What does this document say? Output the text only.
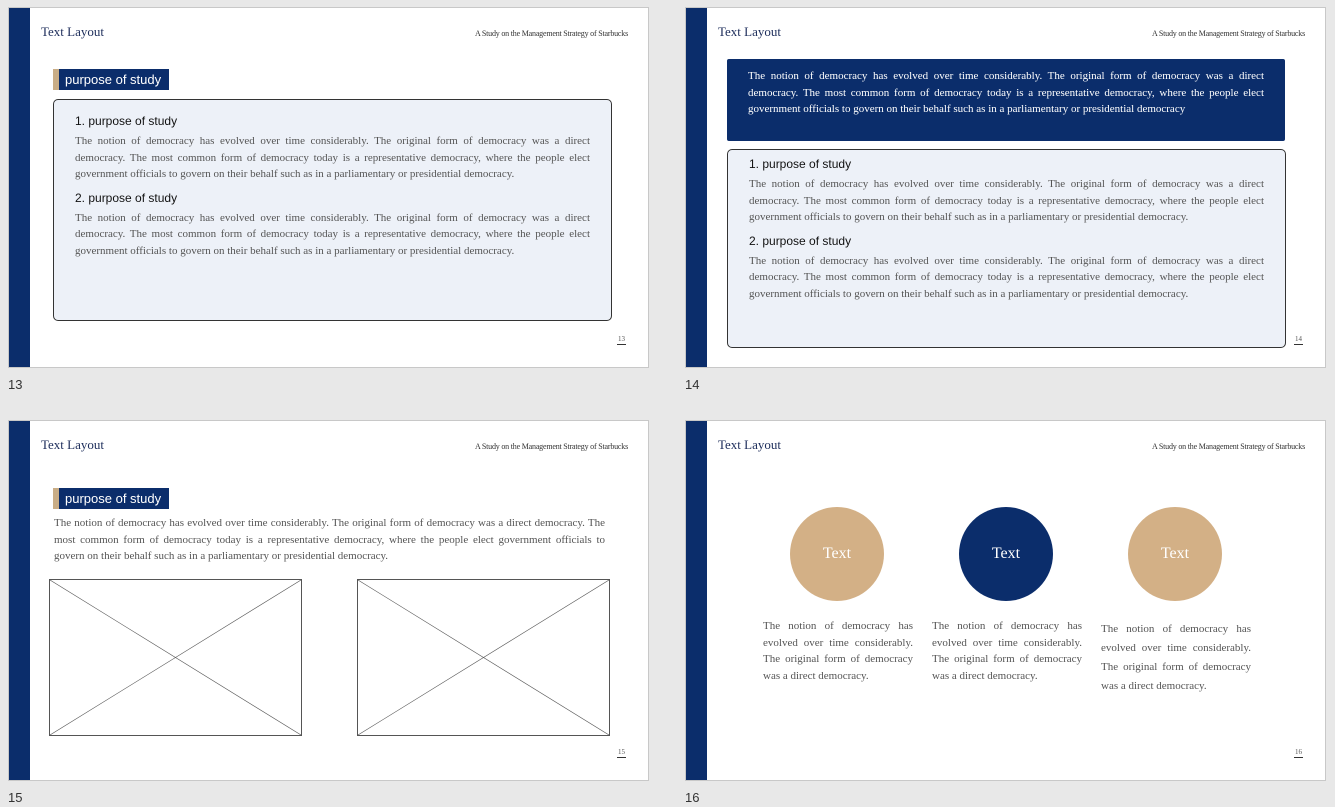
Text Layout	A Study on the Management Strategy of Starbucks
purpose of study
1. purpose of study

The notion of democracy has evolved over time considerably. The original form of democracy was a direct democracy. The most common form of democracy today is a representative democracy, where the people elect government officials to govern on their behalf such as in a parliamentary or presidential democracy.

2. purpose of study

The notion of democracy has evolved over time considerably. The original form of democracy was a direct democracy. The most common form of democracy today is a representative democracy, where the people elect government officials to govern on their behalf such as in a parliamentary or presidential democracy.

13
13
Text Layout	A Study on the Management Strategy of Starbucks
The notion of democracy has evolved over time considerably. The original form of democracy was a direct democracy. The most common form of democracy today is a representative democracy, where the people elect government officials to govern on their behalf such as in a parliamentary or presidential democracy
1. purpose of study

The notion of democracy has evolved over time considerably. The original form of democracy was a direct democracy. The most common form of democracy today is a representative democracy, where the people elect government officials to govern on their behalf such as in a parliamentary or presidential democracy.

2. purpose of study

The notion of democracy has evolved over time considerably. The original form of democracy was a direct democracy. The most common form of democracy today is a representative democracy, where the people elect government officials to govern on their behalf such as in a parliamentary or presidential democracy.

14
14
Text Layout	A Study on the Management Strategy of Starbucks
purpose of study
The notion of democracy has evolved over time considerably. The original form of democracy was a direct democracy. The most common form of democracy today is a representative democracy, where the people elect government officials to govern on their behalf such as in a parliamentary or presidential democracy.
15
15
Text Layout	A Study on the Management Strategy of Starbucks
Text	Text	Text
The notion of democracy has evolved over time considerably. The original form of democracy was a direct democracy.
The notion of democracy has evolved over time considerably. The original form of democracy was a direct democracy.
The notion of democracy has evolved over time considerably. The original form of democracy was a direct democracy.
16
16
